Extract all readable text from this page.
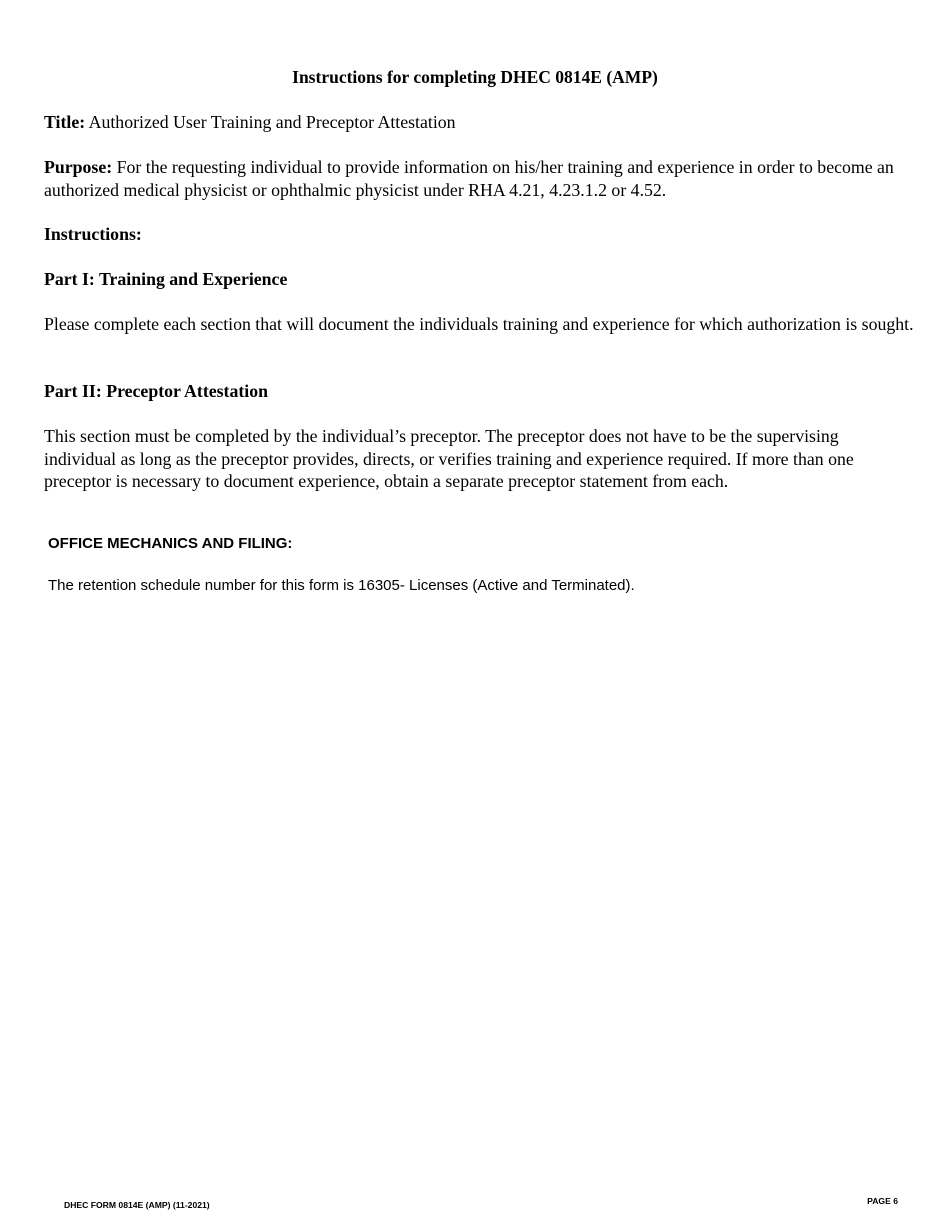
Instructions for completing DHEC 0814E (AMP)
Title: Authorized User Training and Preceptor Attestation
Purpose: For the requesting individual to provide information on his/her training and experience in order to become an authorized medical physicist or ophthalmic physicist under RHA 4.21, 4.23.1.2 or 4.52.
Instructions:
Part I: Training and Experience
Please complete each section that will document the individuals training and experience for which authorization is sought.
Part II: Preceptor Attestation
This section must be completed by the individual’s preceptor. The preceptor does not have to be the supervising individual as long as the preceptor provides, directs, or verifies training and experience required. If more than one preceptor is necessary to document experience, obtain a separate preceptor statement from each.
OFFICE MECHANICS AND FILING:
The retention schedule number for this form is 16305- Licenses (Active and Terminated).
DHEC FORM 0814E (AMP) (11-2021)	PAGE 6
